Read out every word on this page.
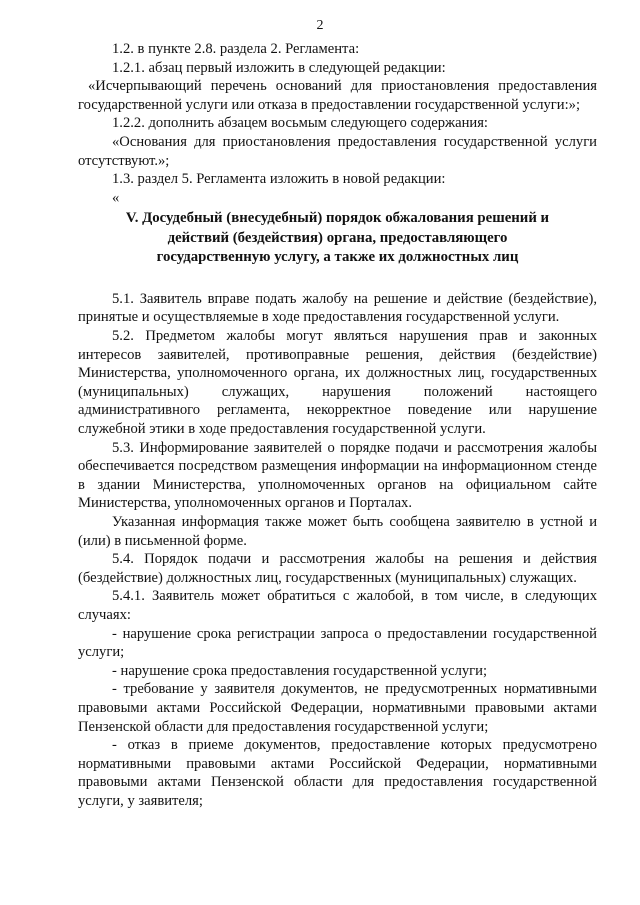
2

1.2. в пункте 2.8. раздела 2. Регламента:

1.2.1. абзац первый изложить в следующей редакции:

«Исчерпывающий перечень оснований для приостановления предоставления государственной услуги или отказа в предоставлении государственной услуги:»;

1.2.2. дополнить абзацем восьмым следующего содержания:

«Основания для приостановления предоставления государственной услуги отсутствуют.»;

1.3. раздел 5. Регламента изложить в новой редакции:

«

V. Досудебный (внесудебный) порядок обжалования решений и
действий (бездействия) органа, предоставляющего
государственную услугу, а также их должностных лиц

5.1. Заявитель вправе подать жалобу на решение и действие (бездействие), принятые и осуществляемые в ходе предоставления государственной услуги.

5.2. Предметом жалобы могут являться нарушения прав и законных интересов заявителей, противоправные решения, действия (бездействие) Министерства, уполномоченного органа, их должностных лиц, государственных (муниципальных) служащих, нарушения положений настоящего административного регламента, некорректное поведение или нарушение служебной этики в ходе предоставления государственной услуги.

5.3. Информирование заявителей о порядке подачи и рассмотрения жалобы обеспечивается посредством размещения информации на информационном стенде в здании Министерства, уполномоченных органов на официальном сайте Министерства, уполномоченных органов и Порталах.

Указанная информация также может быть сообщена заявителю в устной и (или) в письменной форме.

5.4. Порядок подачи и рассмотрения жалобы на решения и действия (бездействие) должностных лиц, государственных (муниципальных) служащих.

5.4.1. Заявитель может обратиться с жалобой, в том числе, в следующих случаях:

- нарушение срока регистрации запроса о предоставлении государственной услуги;

- нарушение срока предоставления государственной услуги;

- требование у заявителя документов, не предусмотренных нормативными правовыми актами Российской Федерации, нормативными правовыми актами Пензенской области для предоставления государственной услуги;

- отказ в приеме документов, предоставление которых предусмотрено нормативными правовыми актами Российской Федерации, нормативными правовыми актами Пензенской области для предоставления государственной услуги, у заявителя;
